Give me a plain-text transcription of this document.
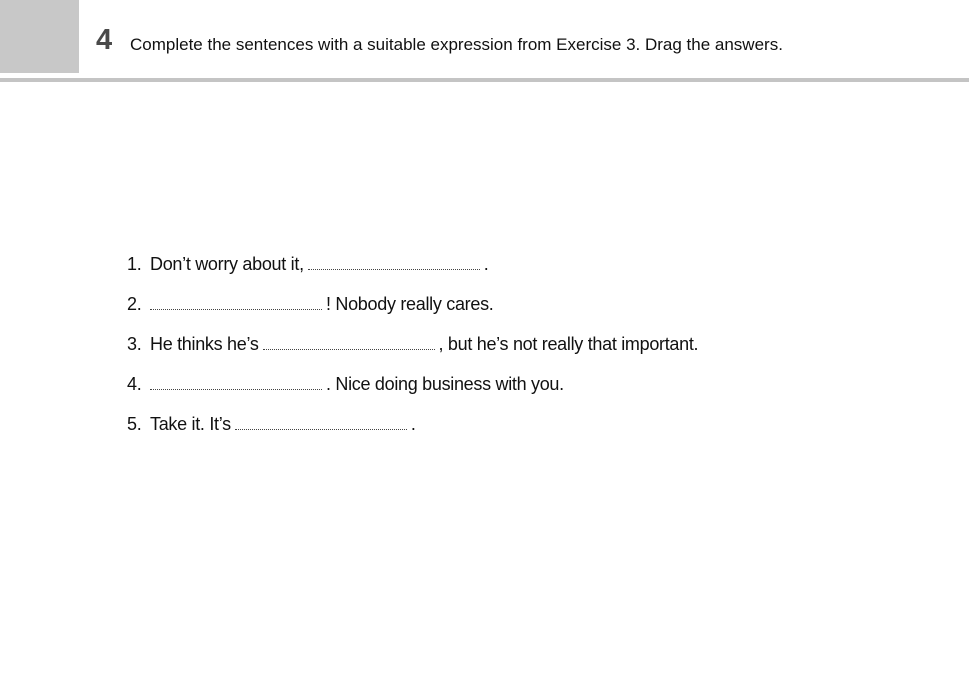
4 Complete the sentences with a suitable expression from Exercise 3. Drag the answers.
1. Don’t worry about it,	.
2.	! Nobody really cares.
3. He thinks he’s	, but he’s not really that important.
4.	. Nice doing business with you.
5. Take it. It’s	.
